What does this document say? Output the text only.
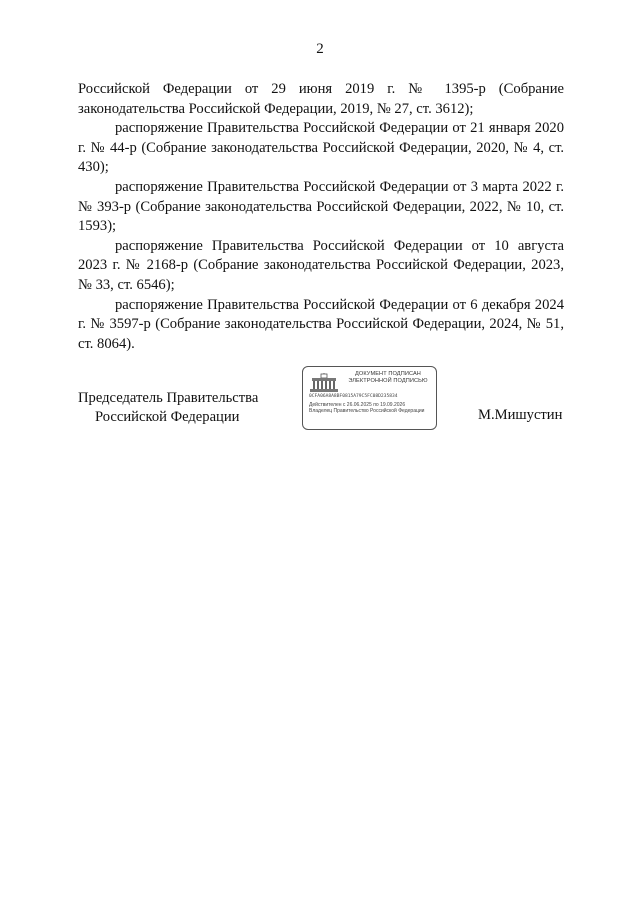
2

Российской Федерации от 29 июня 2019 г. № 1395-р (Собрание законодательства Российской Федерации, 2019, № 27, ст. 3612);

распоряжение Правительства Российской Федерации от 21 января 2020 г. № 44-р (Собрание законодательства Российской Федерации, 2020, № 4, ст. 430);

распоряжение Правительства Российской Федерации от 3 марта 2022 г. № 393-р (Собрание законодательства Российской Федерации, 2022, № 10, ст. 1593);

распоряжение Правительства Российской Федерации от 10 августа 2023 г. № 2168-р (Собрание законодательства Российской Федерации, 2023, № 33, ст. 6546);

распоряжение Правительства Российской Федерации от 6 декабря 2024 г. № 3597-р (Собрание законодательства Российской Федерации, 2024, № 51, ст. 8064).

Председатель Правительства
Российской Федерации
ДОКУМЕНТ ПОДПИСАН
ЭЛЕКТРОННОЙ ПОДПИСЬЮ
0CFA06A8A8BF0815A79C5FC08D235834
Действителен с 26.06.2025 по 19.09.2026
Владелец Правительство Российской Федерации	М.Мишустин
